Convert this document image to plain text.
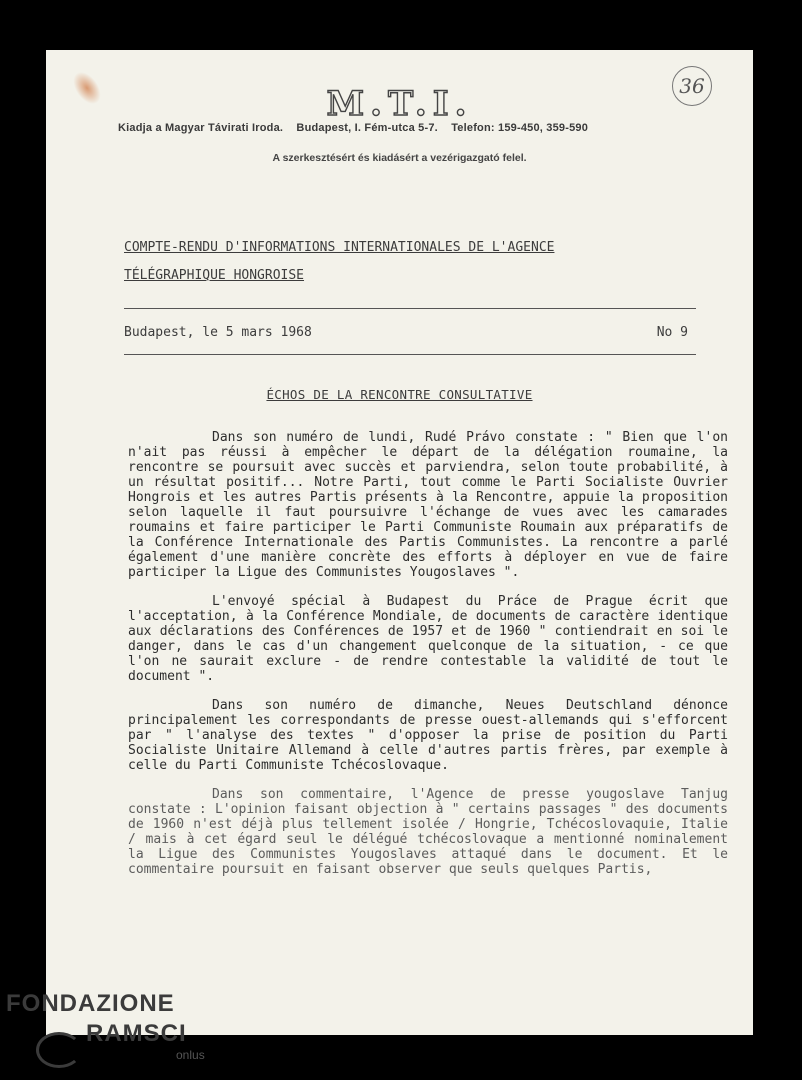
36
M.T.I.
Kiadja a Magyar Távirati Iroda. Budapest, I. Fém-utca 5-7. Telefon: 159-450, 359-590
A szerkesztésért és kiadásért a vezérigazgató felel.
COMPTE-RENDU D'INFORMATIONS INTERNATIONALES DE L'AGENCE
TÉLÉGRAPHIQUE HONGROISE
Budapest, le 5 mars 1968	No 9
ÉCHOS DE LA RENCONTRE CONSULTATIVE

Dans son numéro de lundi, Rudé Právo constate : " Bien que l'on n'ait pas réussi à empêcher le départ de la délégation roumaine, la rencontre se poursuit avec succès et parviendra, selon toute probabilité, à un résultat positif... Notre Parti, tout comme le Parti Socialiste Ouvrier Hongrois et les autres Partis présents à la Rencontre, appuie la proposition selon laquelle il faut poursuivre l'échange de vues avec les camarades roumains et faire participer le Parti Communiste Roumain aux préparatifs de la Conférence Internationale des Partis Communistes. La rencontre a parlé également d'une manière concrète des efforts à déployer en vue de faire participer la Ligue des Communistes Yougoslaves ".

L'envoyé spécial à Budapest du Práce de Prague écrit que l'acceptation, à la Conférence Mondiale, de documents de caractère identique aux déclarations des Conférences de 1957 et de 1960 " contiendrait en soi le danger, dans le cas d'un changement quelconque de la situation, - ce que l'on ne saurait exclure - de rendre contestable la validité de tout le document ".

Dans son numéro de dimanche, Neues Deutschland dénonce principalement les correspondants de presse ouest-allemands qui s'efforcent par " l'analyse des textes " d'opposer la prise de position du Parti Socialiste Unitaire Allemand à celle d'autres partis frères, par exemple à celle du Parti Communiste Tchécoslovaque.

Dans son commentaire, l'Agence de presse yougoslave Tanjug constate : L'opinion faisant objection à " certains passages " des documents de 1960 n'est déjà plus tellement isolée / Hongrie, Tchécoslovaquie, Italie / mais à cet égard seul le délégué tchécoslovaque a mentionné nominalement la Ligue des Communistes Yougoslaves attaqué dans le document. Et le commentaire poursuit en faisant observer que seuls quelques Partis,

FONDAZIONE
RAMSCI
onlus
